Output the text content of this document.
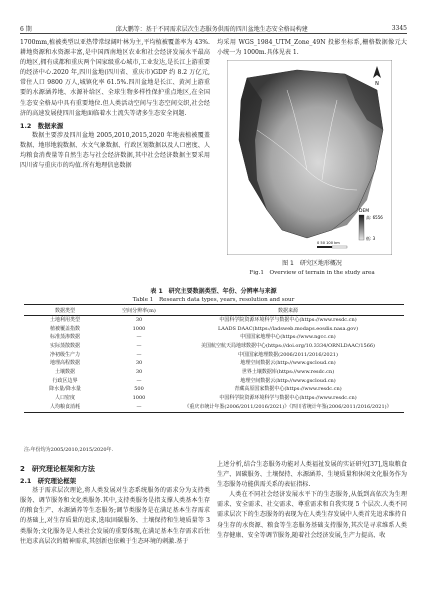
6 期	邱大鹏等：基于不同需求层次生态服务供需的四川盆地生态安全格局构建	3345

1700mm,植被类型以亚热带常绿阔叶林为主,平均植被覆盖率为 43%.耕地资源和水资源丰富,是中国西南地区农业和社会经济发展水平最高的地区,拥有成都和重庆两个国家级重心城市,工业发达,是长江上游重要的经济中心.2020 年,四川盆地(四川省、重庆市)GDP 约 8.2 万亿元,常住人口 9800 万人,城镇化率 61.5%.四川盆地是长江、黄河上游重要的水源涵养地、水源补给区、全球生物多样性保护重点地区,在全国生态安全格局中具有重要地位.但人类活动空间与生态空间交织,社会经济的高速发展使四川盆地面临着水土流失等诸多生态安全问题.

1.2　数据来源

数据主要涉及四川盆地 2005,2010,2015,2020 年地表植被覆盖数据、地形地貌数据、水文气象数据、行政区划数据以及人口密度、人均粮食消费量等自然生态与社会经济数据,其中社会经济数据主要采用四川省与重庆市的均值.所有地理信息数据

均采用 WGS_1984_UTM_Zone_49N 投影坐标系,栅格数据像元大小统一为 1000m.具体见表 1.

N
DEM
高: 6556
低: 3
0 50 100 km
图 1　研究区地形概况
Fig.1　Overview of terrain in the study area
表 1　研究主要数据类型、年份、分辨率与来源
Table 1　Research data types, years, resolution and sour
数据类型	空间分辨率(m)	数据来源
土地利用类型	30	中国科学院资源环境科学与数据中心(https://www.resdc.cn)
植被覆盖指数	1000	LAADS DAAC(https://ladsweb.modaps.eosdis.nasa.gov)
标准蒸渗数据	—	中国国家地理中心(https://www.ngcc.cn)
实际蒸散数据	—	美国航空航天局地球数据中心(https://doi.org/10.3334/ORNLDAAC/1566)
净初级生产力	—	中国国家地理数据(2006/2011/2016/2021)
地理高程数据	30	地理空间数据云(http://www.gscloud.cn)
土壤数据	30	世界土壤数据库(https://www.resdc.cn)
行政区边界	—	地理空间数据云(http://www.gscloud.cn)
降水量/降水量	500	青藏高原国家数据中心(https://www.resdc.cn)
人口密度	1000	中国科学院资源环境科学与数据中心(https://www.resdc.cn)
人均粮食消耗	—	《重庆市统计年鉴(2006/2011/2016/2021)》《四川省统计年鉴(2006/2011/2016/2021)》
注:年份均为2005/2010,2015/2020年.

2　研究理论框架和方法

2.1　研究理论框架

基于需求层次理论,将人类发展对生态系统服务的需求分为支持类服务、调节服务和文化类服务.其中,支持类服务是指支撑人类基本生存的粮食生产、水源涵养等生态服务;调节类服务是在满足基本生存需求的基础上,对生存质量的追求,选取固碳服务、土壤保持和生境质量等 3 类服务;文化服务是人类社会发展的重要体现,在满足基本生存需求后往往追求高层次的精神需求,其创新也依赖于生态环境的刺激.基于

上述分析,结合生态服务功能对人类福祉发展的实证研究[37],选取粮食生产、固碳服务、土壤保持、水源涵养、生境质量和休闲文化服务作为生态服务功能供需关系的表征指标.

人类在不同社会经济发展水平下的生态服务,从低到高依次为生理需求、安全需求、社交需求、尊重需求和自我实现 5 个层次.人类不同需求层次下的生态服务的表现为在人类生存发展中人类首先追求维持自身生存的水资源、粮食等生态服务基础支持服务,其次是寻求维系人类生存健康、安全等调节服务,随着社会经济发展,生产力提高、收
